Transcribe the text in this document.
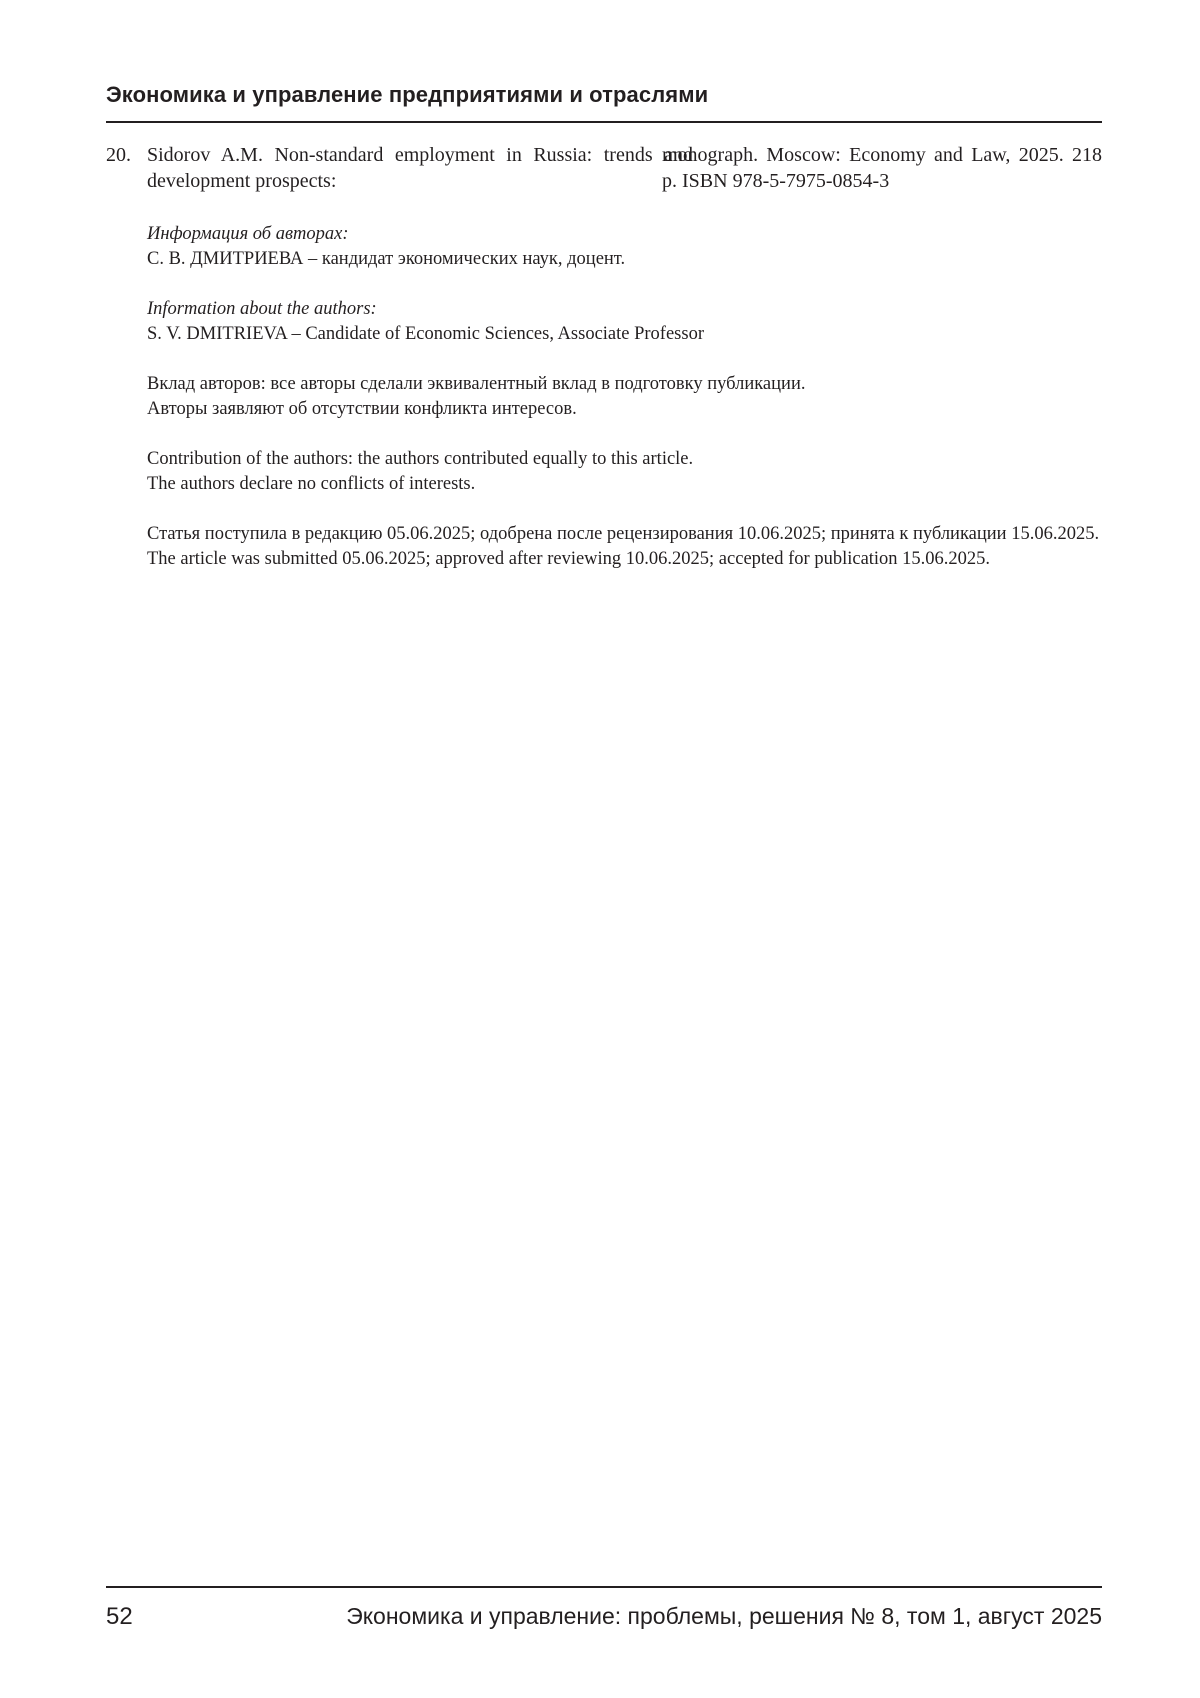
Экономика и управление предприятиями и отраслями
20. Sidorov A.M. Non-standard employment in Russia: trends and development prospects:
monograph. Moscow: Economy and Law, 2025. 218 p. ISBN 978-5-7975-0854-3

Информация об авторах:

С. В. ДМИТРИЕВА – кандидат экономических наук, доцент.

Information about the authors:

S. V. DMITRIEVA – Candidate of Economic Sciences, Associate Professor

Вклад авторов: все авторы сделали эквивалентный вклад в подготовку публикации.

Авторы заявляют об отсутствии конфликта интересов.

Contribution of the authors: the authors contributed equally to this article.

The authors declare no conflicts of interests.

Статья поступила в редакцию 05.06.2025; одобрена после рецензирования 10.06.2025; принята к публикации 15.06.2025.

The article was submitted 05.06.2025; approved after reviewing 10.06.2025; accepted for publication 15.06.2025.

52	Экономика и управление: проблемы, решения № 8, том 1, август 2025
